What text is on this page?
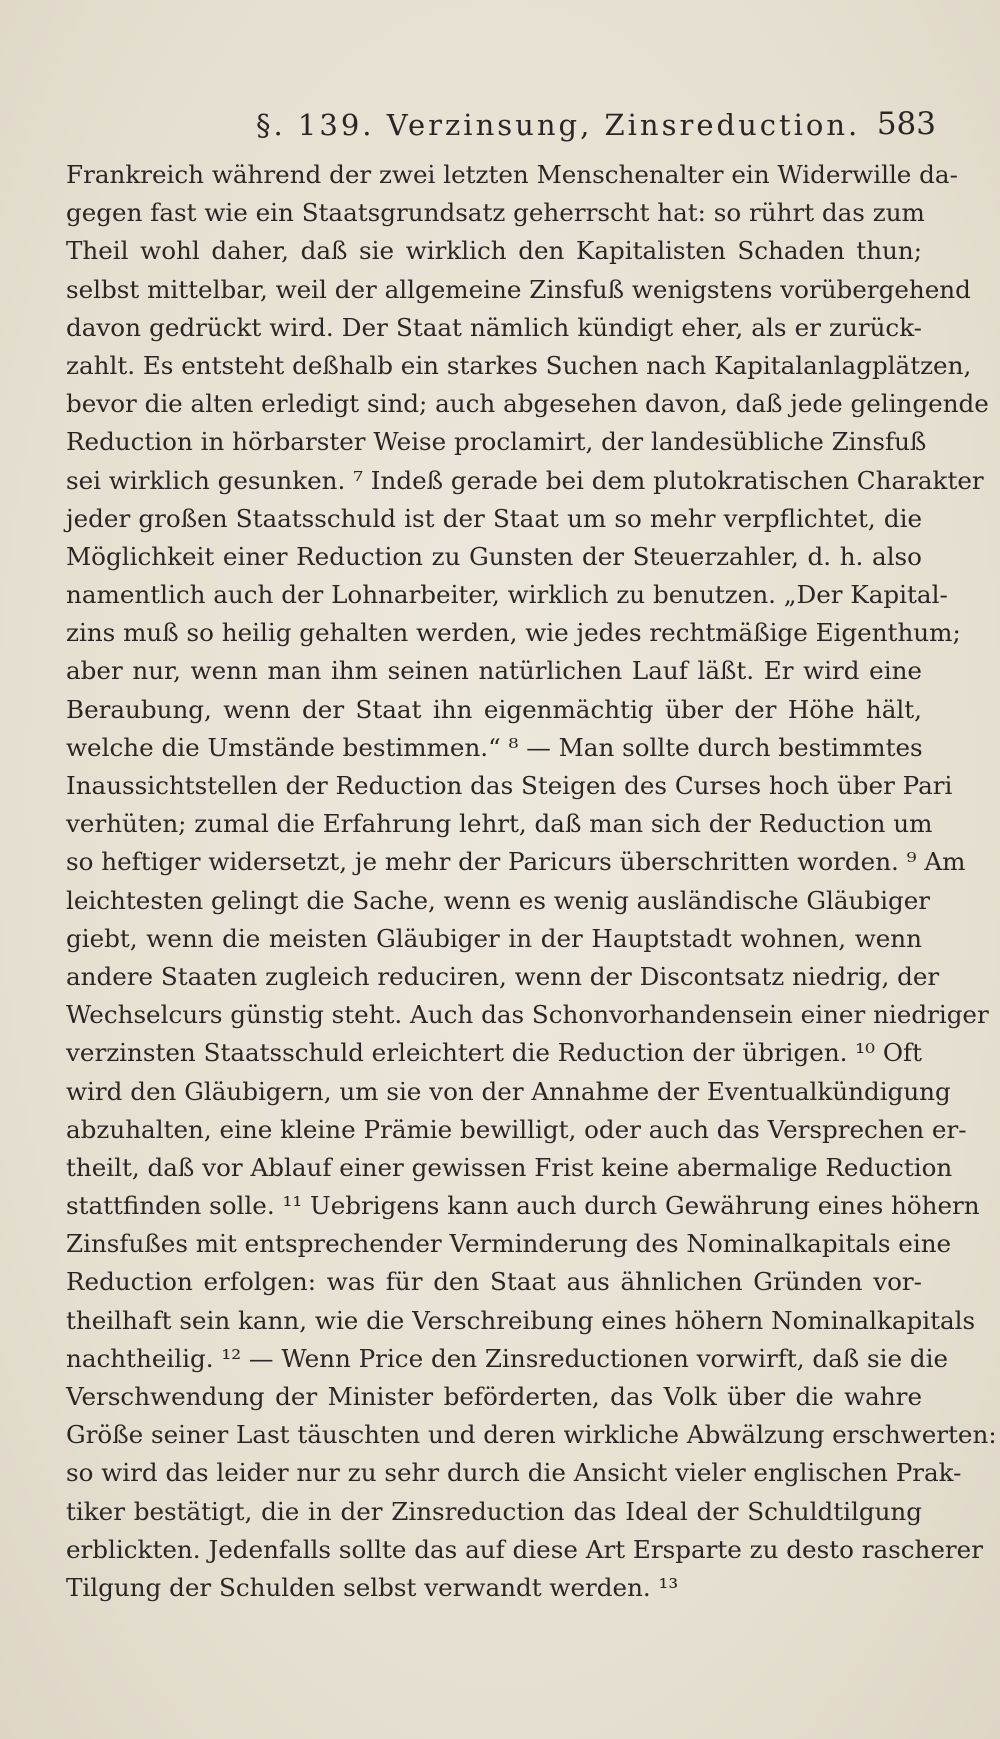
§. 139. Verzinsung, Zinsreduction. 583
Frankreich während der zwei letzten Menschenalter ein Widerwille da-
gegen fast wie ein Staatsgrundsatz geherrscht hat: so rührt das zum
Theil wohl daher, daß sie wirklich den Kapitalisten Schaden thun;
selbst mittelbar, weil der allgemeine Zinsfuß wenigstens vorübergehend
davon gedrückt wird. Der Staat nämlich kündigt eher, als er zurück-
zahlt. Es entsteht deßhalb ein starkes Suchen nach Kapitalanlagplätzen,
bevor die alten erledigt sind; auch abgesehen davon, daß jede gelingende
Reduction in hörbarster Weise proclamirt, der landesübliche Zinsfuß
sei wirklich gesunken. ⁷ Indeß gerade bei dem plutokratischen Charakter
jeder großen Staatsschuld ist der Staat um so mehr verpflichtet, die
Möglichkeit einer Reduction zu Gunsten der Steuerzahler, d. h. also
namentlich auch der Lohnarbeiter, wirklich zu benutzen. „Der Kapital-
zins muß so heilig gehalten werden, wie jedes rechtmäßige Eigenthum;
aber nur, wenn man ihm seinen natürlichen Lauf läßt. Er wird eine
Beraubung, wenn der Staat ihn eigenmächtig über der Höhe hält,
welche die Umstände bestimmen.“ ⁸ — Man sollte durch bestimmtes
Inaussichtstellen der Reduction das Steigen des Curses hoch über Pari
verhüten; zumal die Erfahrung lehrt, daß man sich der Reduction um
so heftiger widersetzt, je mehr der Paricurs überschritten worden. ⁹ Am
leichtesten gelingt die Sache, wenn es wenig ausländische Gläubiger
giebt, wenn die meisten Gläubiger in der Hauptstadt wohnen, wenn
andere Staaten zugleich reduciren, wenn der Discontsatz niedrig, der
Wechselcurs günstig steht. Auch das Schonvorhandensein einer niedriger
verzinsten Staatsschuld erleichtert die Reduction der übrigen. ¹⁰ Oft
wird den Gläubigern, um sie von der Annahme der Eventualkündigung
abzuhalten, eine kleine Prämie bewilligt, oder auch das Versprechen er-
theilt, daß vor Ablauf einer gewissen Frist keine abermalige Reduction
stattfinden solle. ¹¹ Uebrigens kann auch durch Gewährung eines höhern
Zinsfußes mit entsprechender Verminderung des Nominalkapitals eine
Reduction erfolgen: was für den Staat aus ähnlichen Gründen vor-
theilhaft sein kann, wie die Verschreibung eines höhern Nominalkapitals
nachtheilig. ¹² — Wenn Price den Zinsreductionen vorwirft, daß sie die
Verschwendung der Minister beförderten, das Volk über die wahre
Größe seiner Last täuschten und deren wirkliche Abwälzung erschwerten:
so wird das leider nur zu sehr durch die Ansicht vieler englischen Prak-
tiker bestätigt, die in der Zinsreduction das Ideal der Schuldtilgung
erblickten. Jedenfalls sollte das auf diese Art Ersparte zu desto rascherer
Tilgung der Schulden selbst verwandt werden. ¹³
